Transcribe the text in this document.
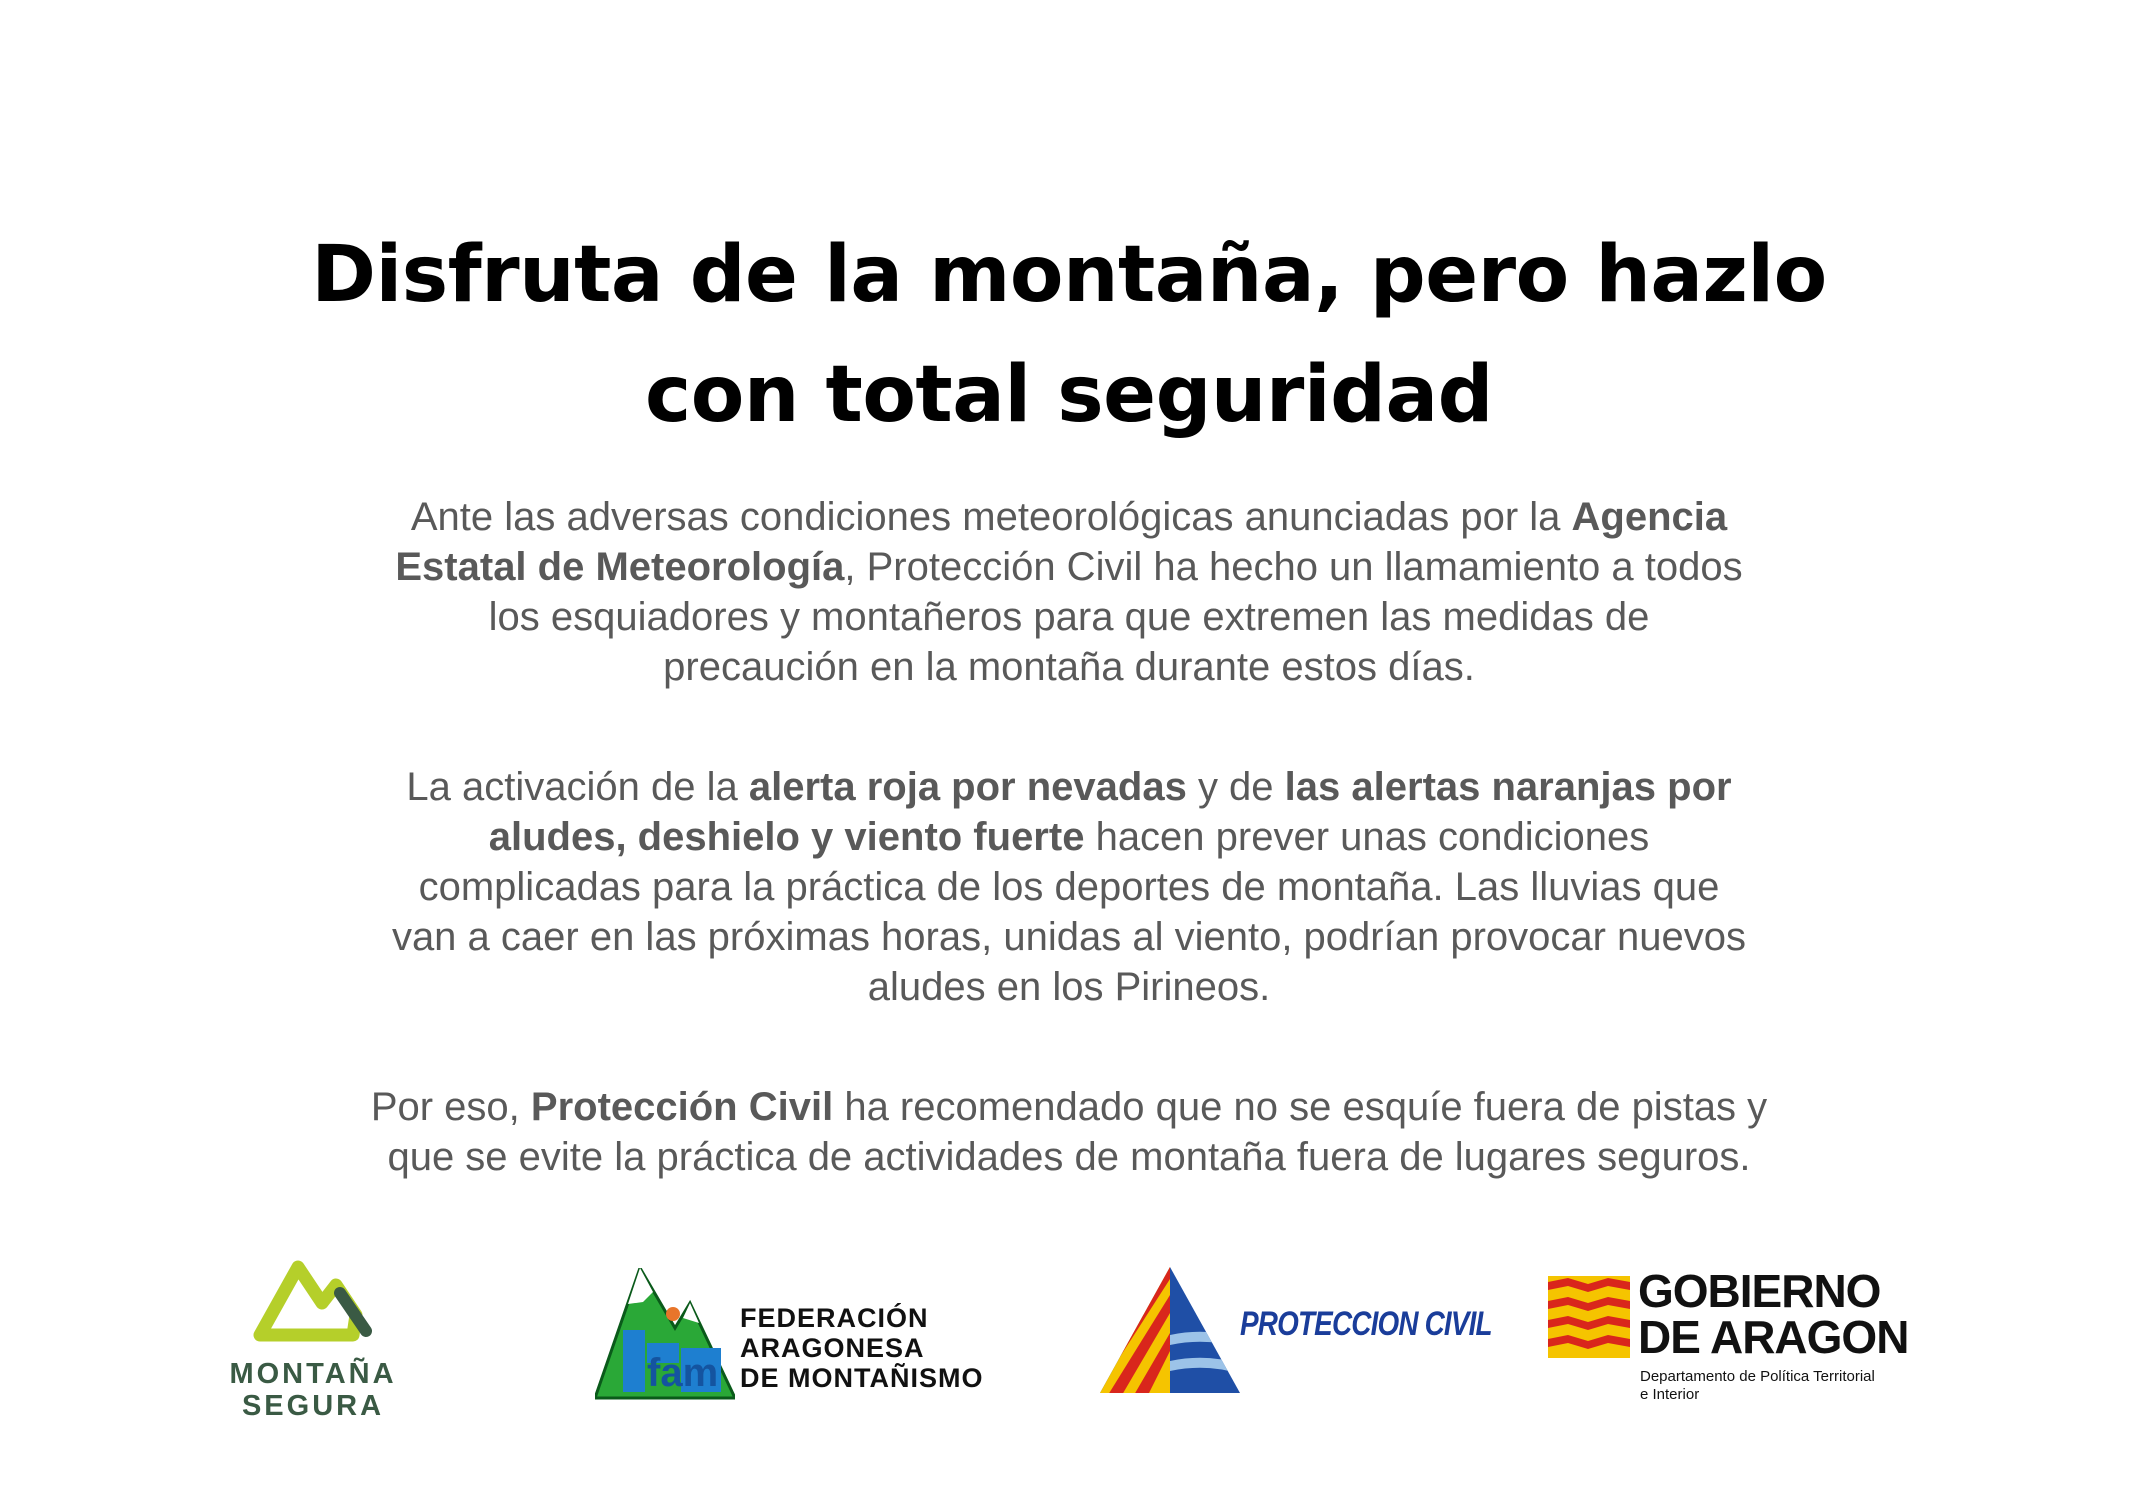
Disfruta de la montaña, pero hazlo
con total seguridad

Ante las adversas condiciones meteorológicas anunciadas por la Agencia
Estatal de Meteorología, Protección Civil ha hecho un llamamiento a todos
los esquiadores y montañeros para que extremen las medidas de
precaución en la montaña durante estos días.

La activación de la alerta roja por nevadas y de las alertas naranjas por
aludes, deshielo y viento fuerte hacen prever unas condiciones
complicadas para la práctica de los deportes de montaña. Las lluvias que
van a caer en las próximas horas, unidas al viento, podrían provocar nuevos
aludes en los Pirineos.

Por eso, Protección Civil ha recomendado que no se esquíe fuera de pistas y
que se evite la práctica de actividades de montaña fuera de lugares seguros.

MONTAÑA
SEGURA
fam
FEDERACIÓN
ARAGONESA
DE MONTAÑISMO
PROTECCION CIVIL
GOBIERNO
DE ARAGON
Departamento de Política Territorial
e Interior
